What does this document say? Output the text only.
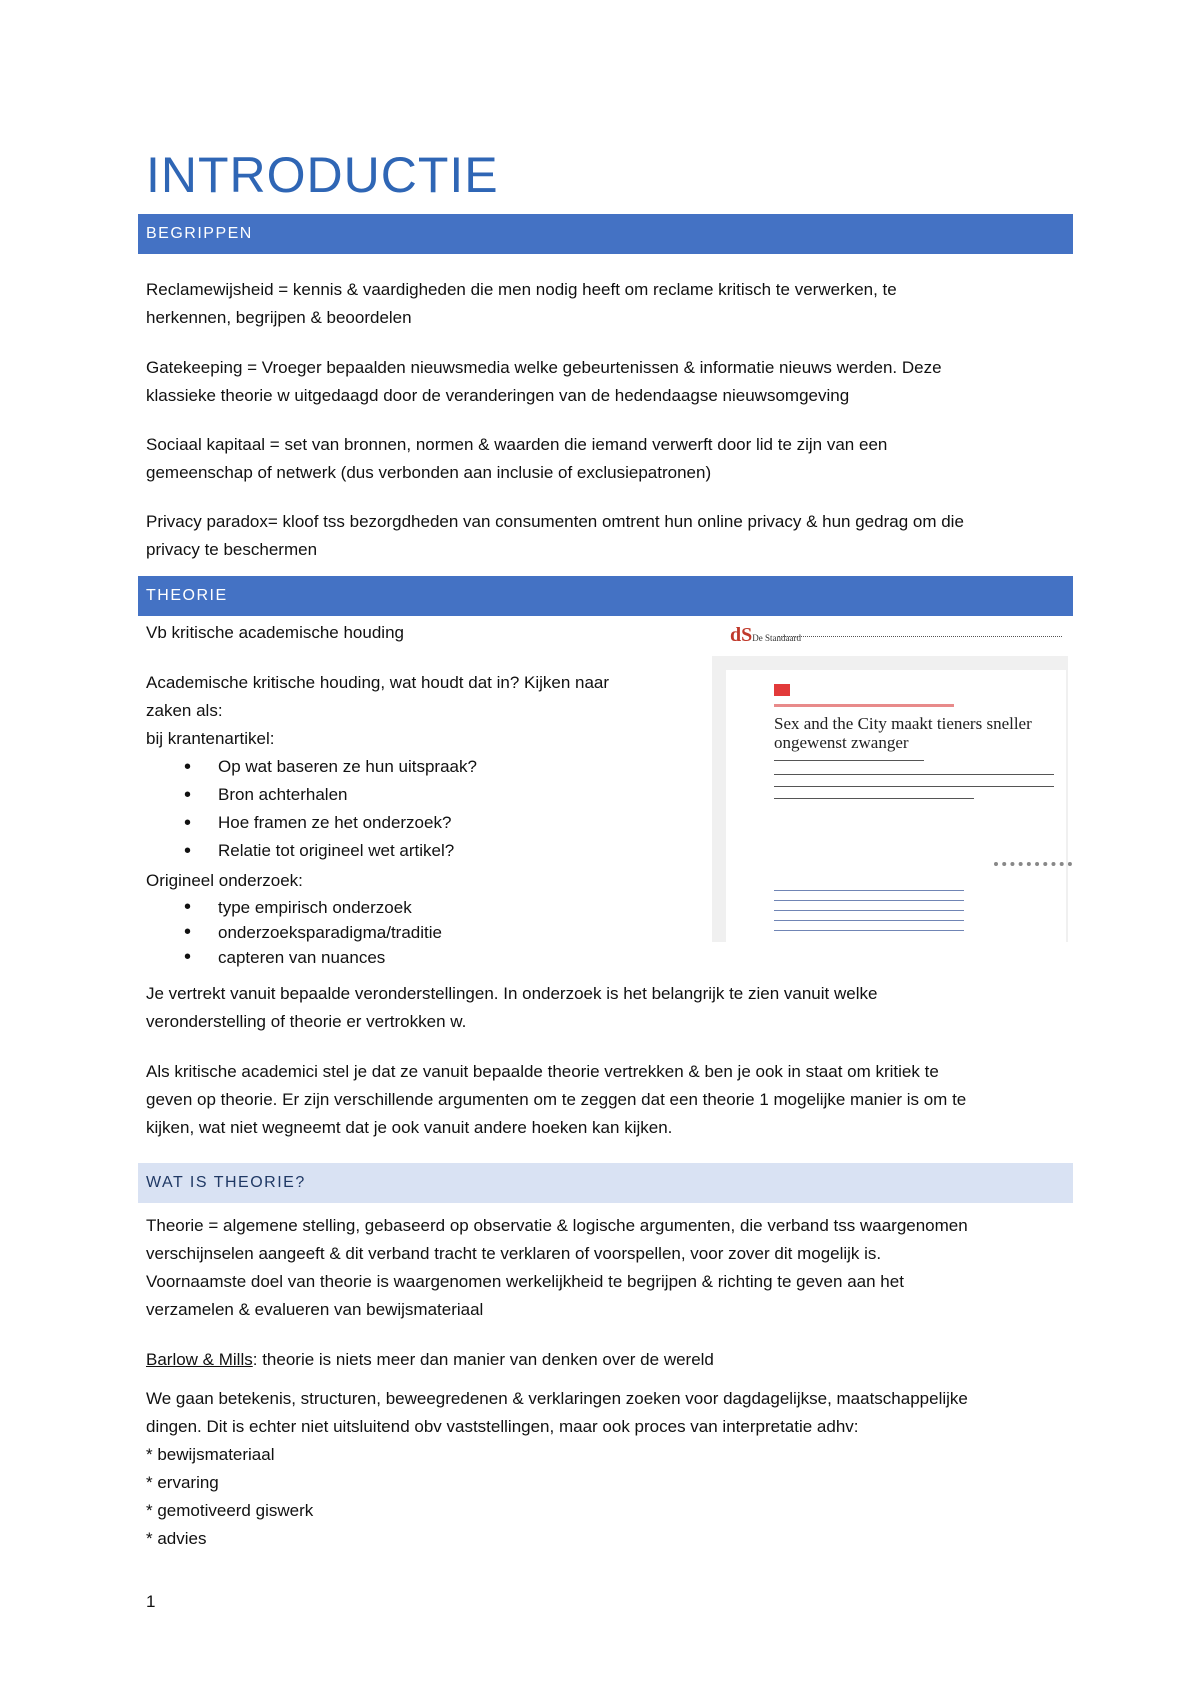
INTRODUCTIE
BEGRIPPEN

Reclamewijsheid = kennis & vaardigheden die men nodig heeft om reclame kritisch te verwerken, te
herkennen, begrijpen & beoordelen

Gatekeeping = Vroeger bepaalden nieuwsmedia welke gebeurtenissen & informatie nieuws werden. Deze
klassieke theorie w uitgedaagd door de veranderingen van de hedendaagse nieuwsomgeving

Sociaal kapitaal = set van bronnen, normen & waarden die iemand verwerft door lid te zijn van een
gemeenschap of netwerk (dus verbonden aan inclusie of exclusiepatronen)

Privacy paradox= kloof tss bezorgdheden van consumenten omtrent hun online privacy & hun gedrag om die
privacy te beschermen

THEORIE

Vb kritische academische houding

Academische kritische houding, wat houdt dat in? Kijken naar
zaken als:
bij krantenartikel:

• Op wat baseren ze hun uitspraak?
• Bron achterhalen
• Hoe framen ze het onderzoek?
• Relatie tot origineel wet artikel?

Origineel onderzoek:

• type empirisch onderzoek
• onderzoeksparadigma/traditie
• capteren van nuances
dSDe Standaard
Sex and the City maakt tieners sneller ongewenst zwanger

Je vertrekt vanuit bepaalde veronderstellingen. In onderzoek is het belangrijk te zien vanuit welke
veronderstelling of theorie er vertrokken w.

Als kritische academici stel je dat ze vanuit bepaalde theorie vertrekken & ben je ook in staat om kritiek te
geven op theorie. Er zijn verschillende argumenten om te zeggen dat een theorie 1 mogelijke manier is om te
kijken, wat niet wegneemt dat je ook vanuit andere hoeken kan kijken.

WAT IS THEORIE?

Theorie = algemene stelling, gebaseerd op observatie & logische argumenten, die verband tss waargenomen
verschijnselen aangeeft & dit verband tracht te verklaren of voorspellen, voor zover dit mogelijk is.
Voornaamste doel van theorie is waargenomen werkelijkheid te begrijpen & richting te geven aan het
verzamelen & evalueren van bewijsmateriaal

Barlow & Mills: theorie is niets meer dan manier van denken over de wereld

We gaan betekenis, structuren, beweegredenen & verklaringen zoeken voor dagdagelijkse, maatschappelijke
dingen. Dit is echter niet uitsluitend obv vaststellingen, maar ook proces van interpretatie adhv:
* bewijsmateriaal
* ervaring
* gemotiveerd giswerk
* advies

1
